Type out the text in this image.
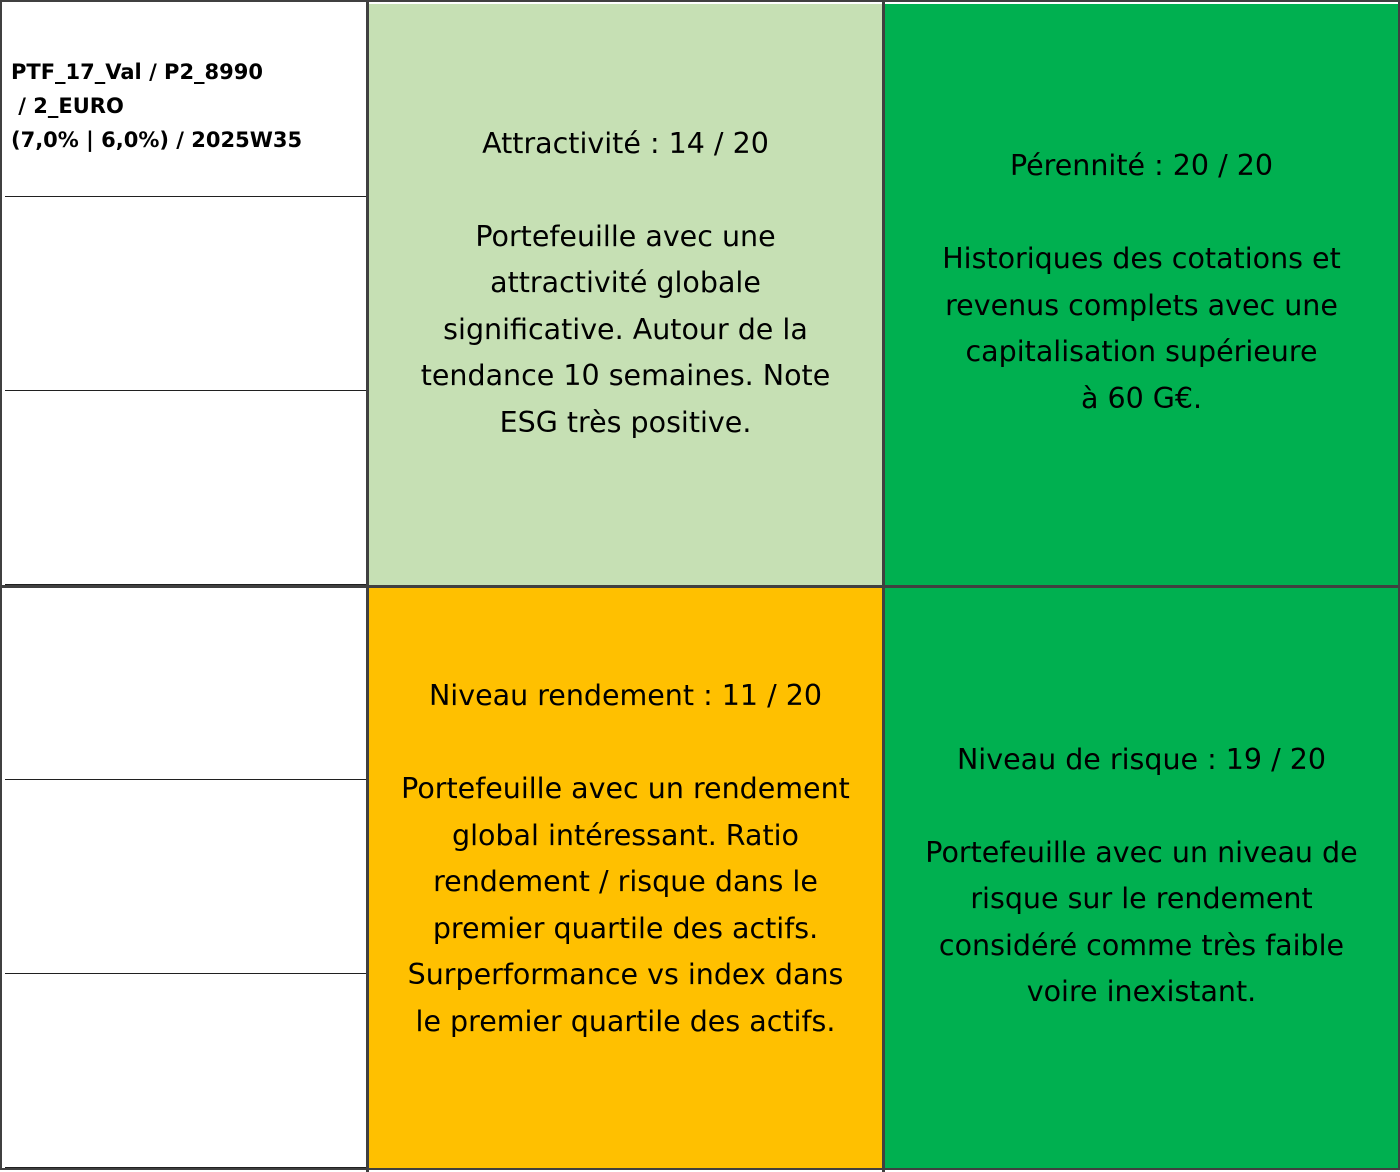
PTF_17_Val / P2_8990
/ 2_EURO
(7,0% | 6,0%) / 2025W35	Attractivité : 14 / 20
Portefeuille avec une
attractivité globale
significative. Autour de la
tendance 10 semaines. Note
ESG très positive.
Pérennité : 20 / 20
Historiques des cotations et
revenus complets avec une
capitalisation supérieure
à 60 G€.
Niveau rendement : 11 / 20
Portefeuille avec un rendement
global intéressant. Ratio
rendement / risque dans le
premier quartile des actifs.
Surperformance vs index dans
le premier quartile des actifs.
Niveau de risque : 19 / 20
Portefeuille avec un niveau de
risque sur le rendement
considéré comme très faible
voire inexistant.
